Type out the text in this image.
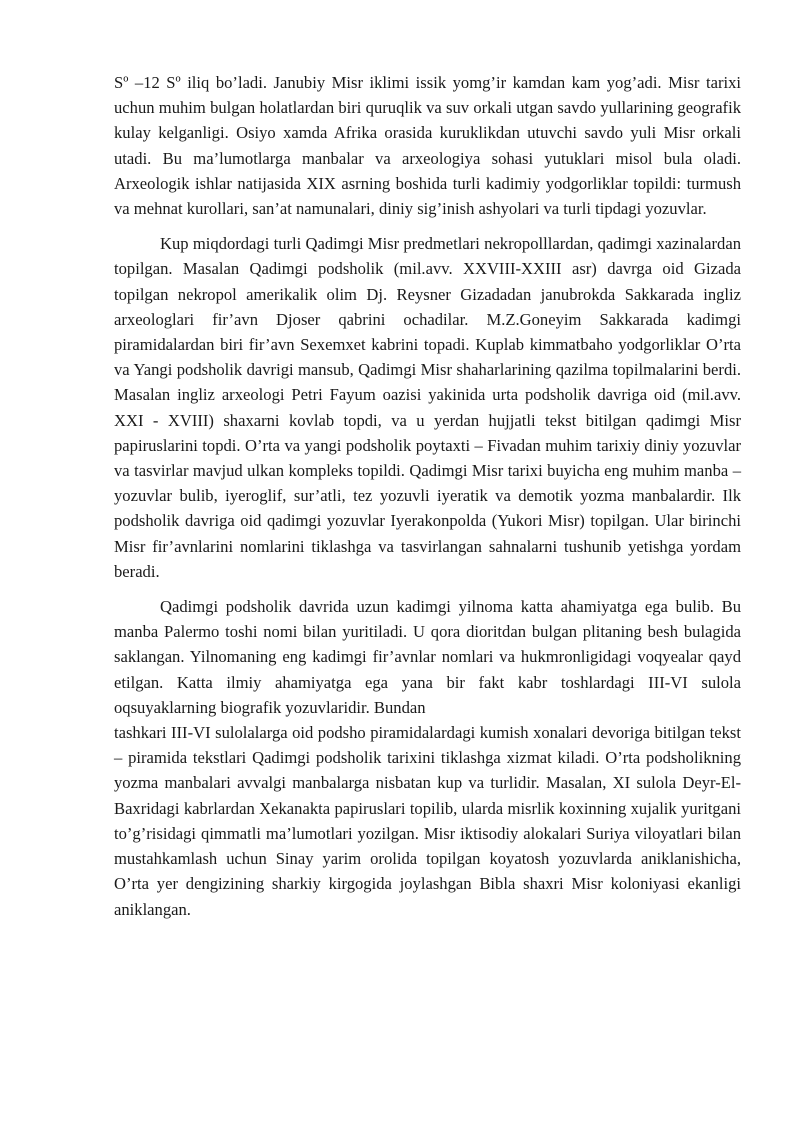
Sº –12 Sº iliq bo’ladi. Janubiy Misr iklimi issik yomg’ir kamdan kam yog’adi. Misr tarixi uchun muhim bulgan holatlardan biri quruqlik va suv orkali utgan savdo yullarining geografik kulay kelganligi. Osiyo xamda Afrika orasida kuruklikdan utuvchi savdo yuli Misr orkali utadi. Bu ma’lumotlarga manbalar va arxeologiya sohasi yutuklari misol bula oladi. Arxeologik ishlar natijasida XIX asrning boshida turli kadimiy yodgorliklar topildi: turmush va mehnat kurollari, san’at namunalari, diniy sig’inish ashyolari va turli tipdagi yozuvlar.

Kup miqdordagi turli Qadimgi Misr predmetlari nekropolllardan, qadimgi xazinalardan topilgan. Masalan Qadimgi podsholik (mil.avv. XXVIII-XXIII asr) davrga oid Gizada topilgan nekropol amerikalik olim Dj. Reysner Gizadadan janubrokda Sakkarada ingliz arxeologlari fir’avn Djoser qabrini ochadilar. M.Z.Goneyim Sakkarada kadimgi piramidalardan biri fir’avn Sexemxet kabrini topadi. Kuplab kimmatbaho yodgorliklar O’rta va Yangi podsholik davrigi mansub, Qadimgi Misr shaharlarining qazilma topilmalarini berdi. Masalan ingliz arxeologi Petri Fayum oazisi yakinida urta podsholik davriga oid (mil.avv. XXI - XVIII) shaxarni kovlab topdi, va u yerdan hujjatli tekst bitilgan qadimgi Misr papiruslarini topdi. O’rta va yangi podsholik poytaxti – Fivadan muhim tarixiy diniy yozuvlar va tasvirlar mavjud ulkan kompleks topildi. Qadimgi Misr tarixi buyicha eng muhim manba – yozuvlar bulib, iyeroglif, sur’atli, tez yozuvli iyeratik va demotik yozma manbalardir. Ilk podsholik davriga oid qadimgi yozuvlar Iyerakonpolda (Yukori Misr) topilgan. Ular birinchi Misr fir’avnlarini nomlarini tiklashga va tasvirlangan sahnalarni tushunib yetishga yordam beradi.

Qadimgi podsholik davrida uzun kadimgi yilnoma katta ahamiyatga ega bulib. Bu manba Palermo toshi nomi bilan yuritiladi. U qora dioritdan bulgan plitaning besh bulagida saklangan. Yilnomaning eng kadimgi fir’avnlar nomlari va hukmronligidagi voqyealar qayd etilgan. Katta ilmiy ahamiyatga ega yana bir fakt kabr toshlardagi III-VI sulola oqsuyaklarning biografik yozuvlaridir. Bundan

tashkari III-VI sulolalarga oid podsho piramidalardagi kumish xonalari devoriga bitilgan tekst – piramida tekstlari Qadimgi podsholik tarixini tiklashga xizmat kiladi. O’rta podsholikning yozma manbalari avvalgi manbalarga nisbatan kup va turlidir. Masalan, XI sulola Deyr-El-Baxridagi kabrlardan Xekanakta papiruslari topilib, ularda misrlik koxinning xujalik yuritgani to’g’risidagi qimmatli ma’lumotlari yozilgan. Misr iktisodiy alokalari Suriya viloyatlari bilan mustahkamlash uchun Sinay yarim orolida topilgan koyatosh yozuvlarda aniklanishicha, O’rta yer dengizining sharkiy kirgogida joylashgan Bibla shaxri Misr koloniyasi ekanligi aniklangan.
